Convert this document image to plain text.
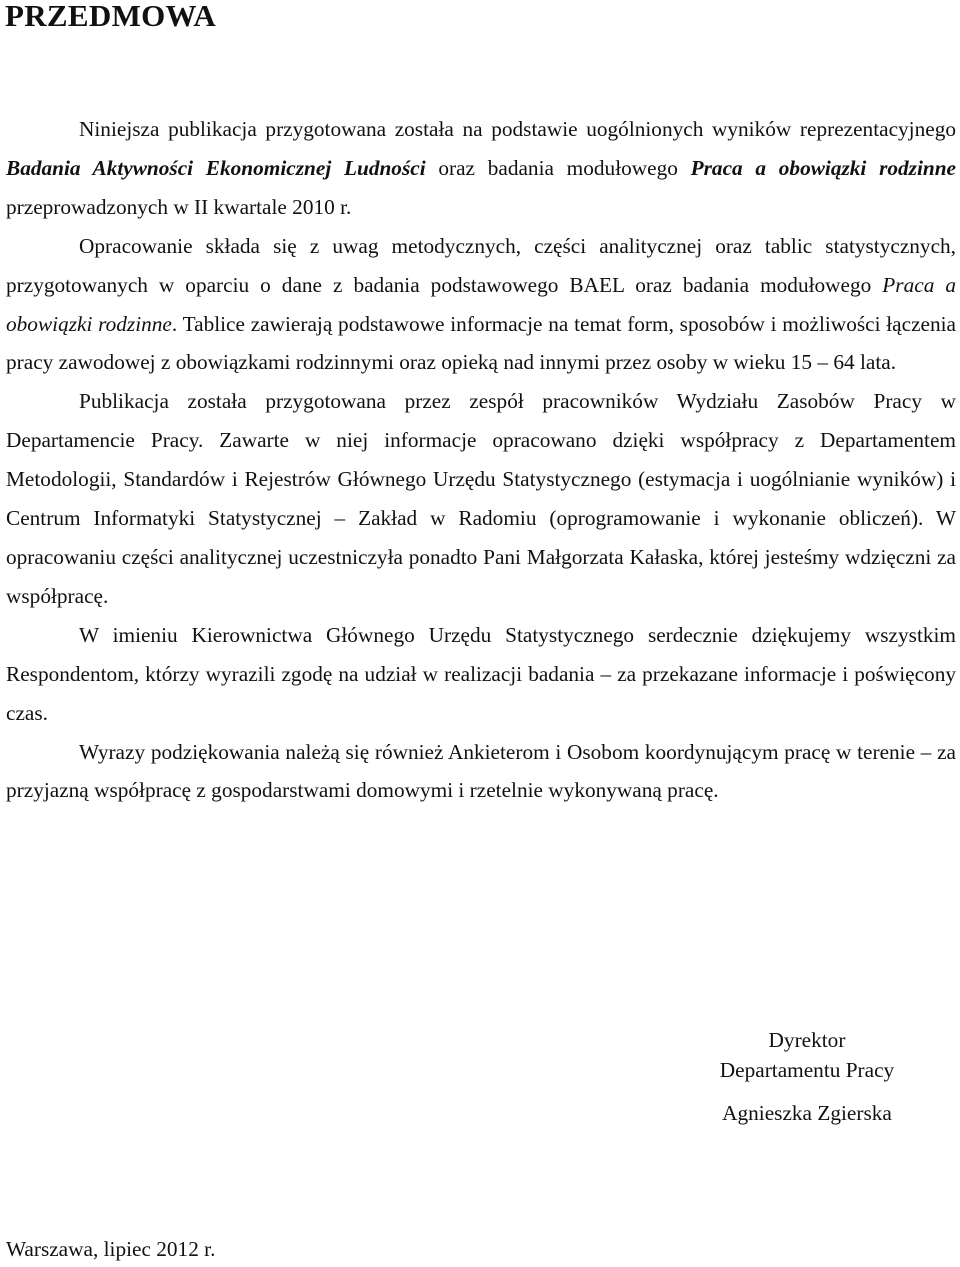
PRZEDMOWA

Niniejsza publikacja przygotowana została na podstawie uogólnionych wyników reprezentacyjnego Badania Aktywności Ekonomicznej Ludności oraz badania modułowego Praca a obowiązki rodzinne przeprowadzonych w II kwartale 2010 r.

Opracowanie składa się z uwag metodycznych, części analitycznej oraz tablic statystycznych, przygotowanych w oparciu o dane z badania podstawowego BAEL oraz badania modułowego Praca a obowiązki rodzinne. Tablice zawierają podstawowe informacje na temat form, sposobów i możliwości łączenia pracy zawodowej z obowiązkami rodzinnymi oraz opieką nad innymi przez osoby w wieku 15 – 64 lata.

Publikacja została przygotowana przez zespół pracowników Wydziału Zasobów Pracy w Departamencie Pracy. Zawarte w niej informacje opracowano dzięki współpracy z Departamentem Metodologii, Standardów i Rejestrów Głównego Urzędu Statystycznego (estymacja i uogólnianie wyników) i Centrum Informatyki Statystycznej – Zakład w Radomiu (oprogramowanie i wykonanie obliczeń). W opracowaniu części analitycznej uczestniczyła ponadto Pani Małgorzata Kałaska, której jesteśmy wdzięczni za współpracę.

W imieniu Kierownictwa Głównego Urzędu Statystycznego serdecznie dziękujemy wszystkim Respondentom, którzy wyrazili zgodę na udział w realizacji badania – za przekazane informacje i poświęcony czas.

Wyrazy podziękowania należą się również Ankieterom i Osobom koordynującym pracę w terenie – za przyjazną współpracę z gospodarstwami domowymi i rzetelnie wykonywaną pracę.

Dyrektor
Departamentu Pracy
Agnieszka Zgierska
Warszawa, lipiec 2012 r.
